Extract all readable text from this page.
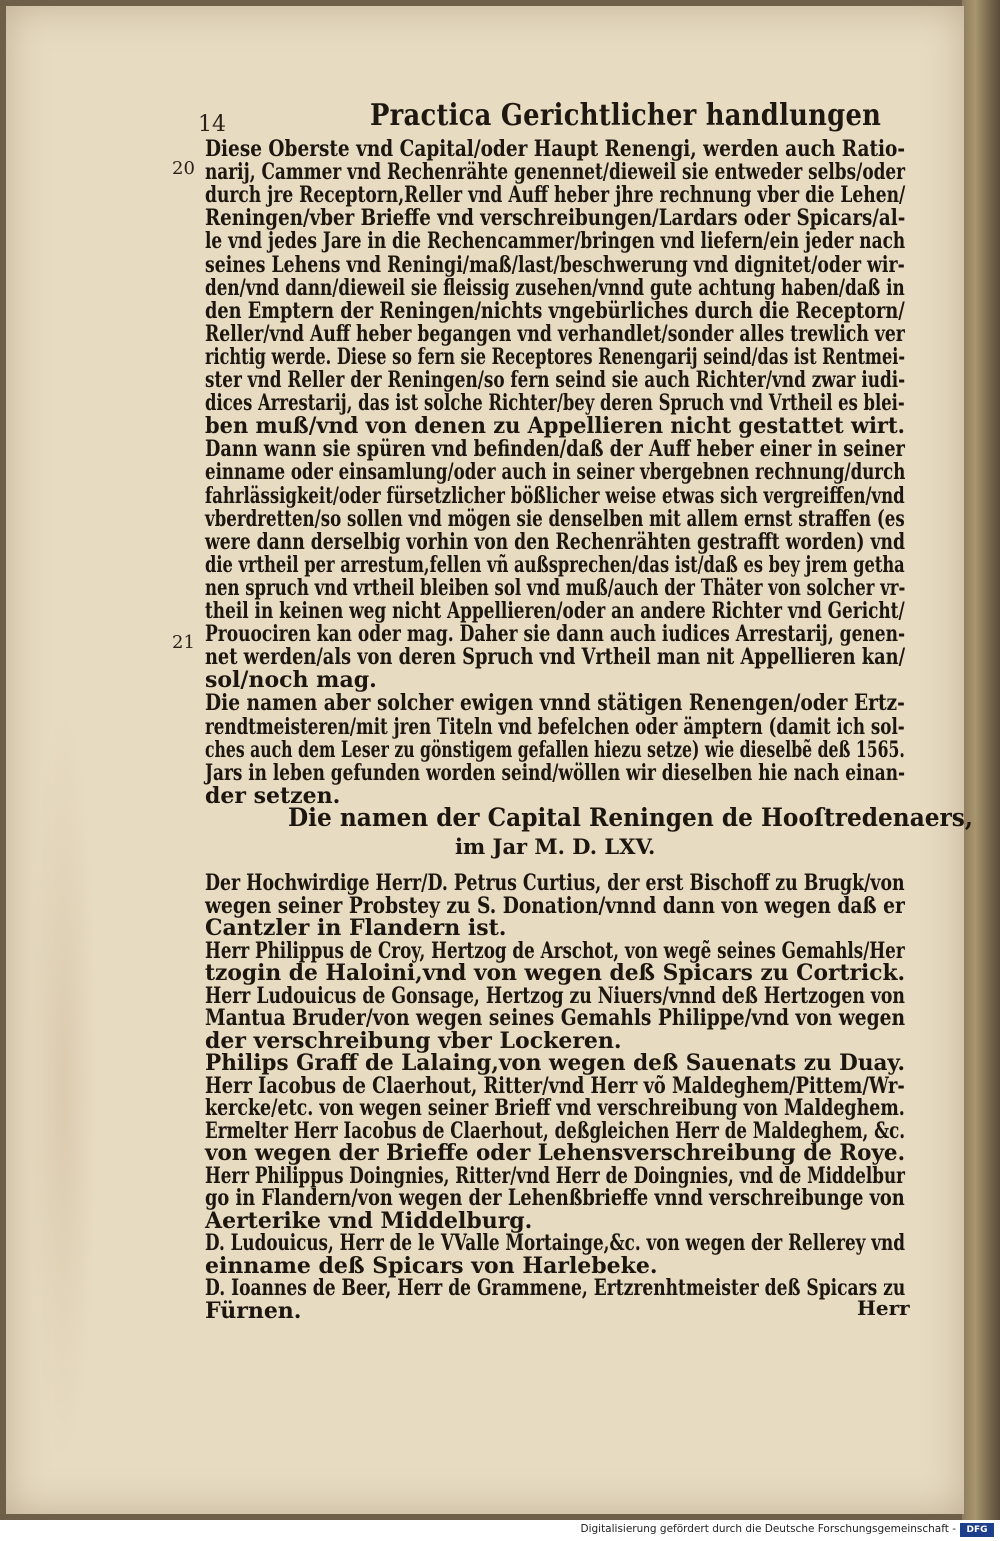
14	Practica Gerichtlicher handlungen
20
21
Diese Oberste vnd Capital/oder Haupt Renengi, werden auch Ratio-
narij, Cammer vnd Rechenrähte genennet/dieweil sie entweder selbs/oder
durch jre Receptorn,Reller vnd Auff heber jhre rechnung vber die Lehen/
Reningen/vber Brieffe vnd verschreibungen/Lardars oder Spicars/al-
le vnd jedes Jare in die Rechencammer/bringen vnd liefern/ein jeder nach
seines Lehens vnd Reningi/maß/last/beschwerung vnd dignitet/oder wir-
den/vnd dann/dieweil sie fleissig zusehen/vnnd gute achtung haben/daß in
den Emptern der Reningen/nichts vngebürliches durch die Receptorn/
Reller/vnd Auff heber begangen vnd verhandlet/sonder alles trewlich ver
richtig werde. Diese so fern sie Receptores Renengarij seind/das ist Rentmei-
ster vnd Reller der Reningen/so fern seind sie auch Richter/vnd zwar iudi-
dices Arrestarij, das ist solche Richter/bey deren Spruch vnd Vrtheil es blei-
ben muß/vnd von denen zu Appellieren nicht gestattet wirt.
Dann wann sie spüren vnd befinden/daß der Auff heber einer in seiner
einname oder einsamlung/oder auch in seiner vbergebnen rechnung/durch
fahrlässigkeit/oder fürsetzlicher bößlicher weise etwas sich vergreiffen/vnd
vberdretten/so sollen vnd mögen sie denselben mit allem ernst straffen (es
were dann derselbig vorhin von den Rechenrähten gestrafft worden) vnd
die vrtheil per arrestum,fellen vñ außsprechen/das ist/daß es bey jrem getha
nen spruch vnd vrtheil bleiben sol vnd muß/auch der Thäter von solcher vr-
theil in keinen weg nicht Appellieren/oder an andere Richter vnd Gericht/
Prouociren kan oder mag. Daher sie dann auch iudices Arrestarij, genen-
net werden/als von deren Spruch vnd Vrtheil man nit Appellieren kan/
sol/noch mag.
Die namen aber solcher ewigen vnnd stätigen Renengen/oder Ertz-
rendtmeisteren/mit jren Titeln vnd befelchen oder ämptern (damit ich sol-
ches auch dem Leser zu gönstigem gefallen hiezu setze) wie dieselbẽ deß 1565.
Jars in leben gefunden worden seind/wöllen wir dieselben hie nach einan-
der setzen.
Die namen der Capital Reningen de Hooſtredenaers,
im Jar M. D. LXV.
Der Hochwirdige Herr/D. Petrus Curtius, der erst Bischoff zu Brugk/von
wegen seiner Probstey zu S. Donation/vnnd dann von wegen daß er
Cantzler in Flandern ist.
Herr Philippus de Croy, Hertzog de Arschot, von wegẽ seines Gemahls/Her
tzogin de Haloini,vnd von wegen deß Spicars zu Cortrick.
Herr Ludouicus de Gonsage, Hertzog zu Niuers/vnnd deß Hertzogen von
Mantua Bruder/von wegen seines Gemahls Philippe/vnd von wegen
der verschreibung vber Lockeren.
Philips Graff de Lalaing,von wegen deß Sauenats zu Duay.
Herr Iacobus de Claerhout, Ritter/vnd Herr võ Maldeghem/Pittem/Wr-
kercke/etc. von wegen seiner Brieff vnd verschreibung von Maldeghem.
Ermelter Herr Iacobus de Claerhout, deßgleichen Herr de Maldeghem, &c.
von wegen der Brieffe oder Lehensverschreibung de Roye.
Herr Philippus Doingnies, Ritter/vnd Herr de Doingnies, vnd de Middelbur
go in Flandern/von wegen der Lehenßbrieffe vnnd verschreibunge von
Aerterike vnd Middelburg.
D. Ludouicus, Herr de le VValle Mortainge,&c. von wegen der Rellerey vnd
einname deß Spicars von Harlebeke.
D. Ioannes de Beer, Herr de Grammene, Ertzrenhtmeister deß Spicars zu
Fürnen.	Herr
Digitalisierung gefördert durch die Deutsche Forschungsgemeinschaft -	DFG
